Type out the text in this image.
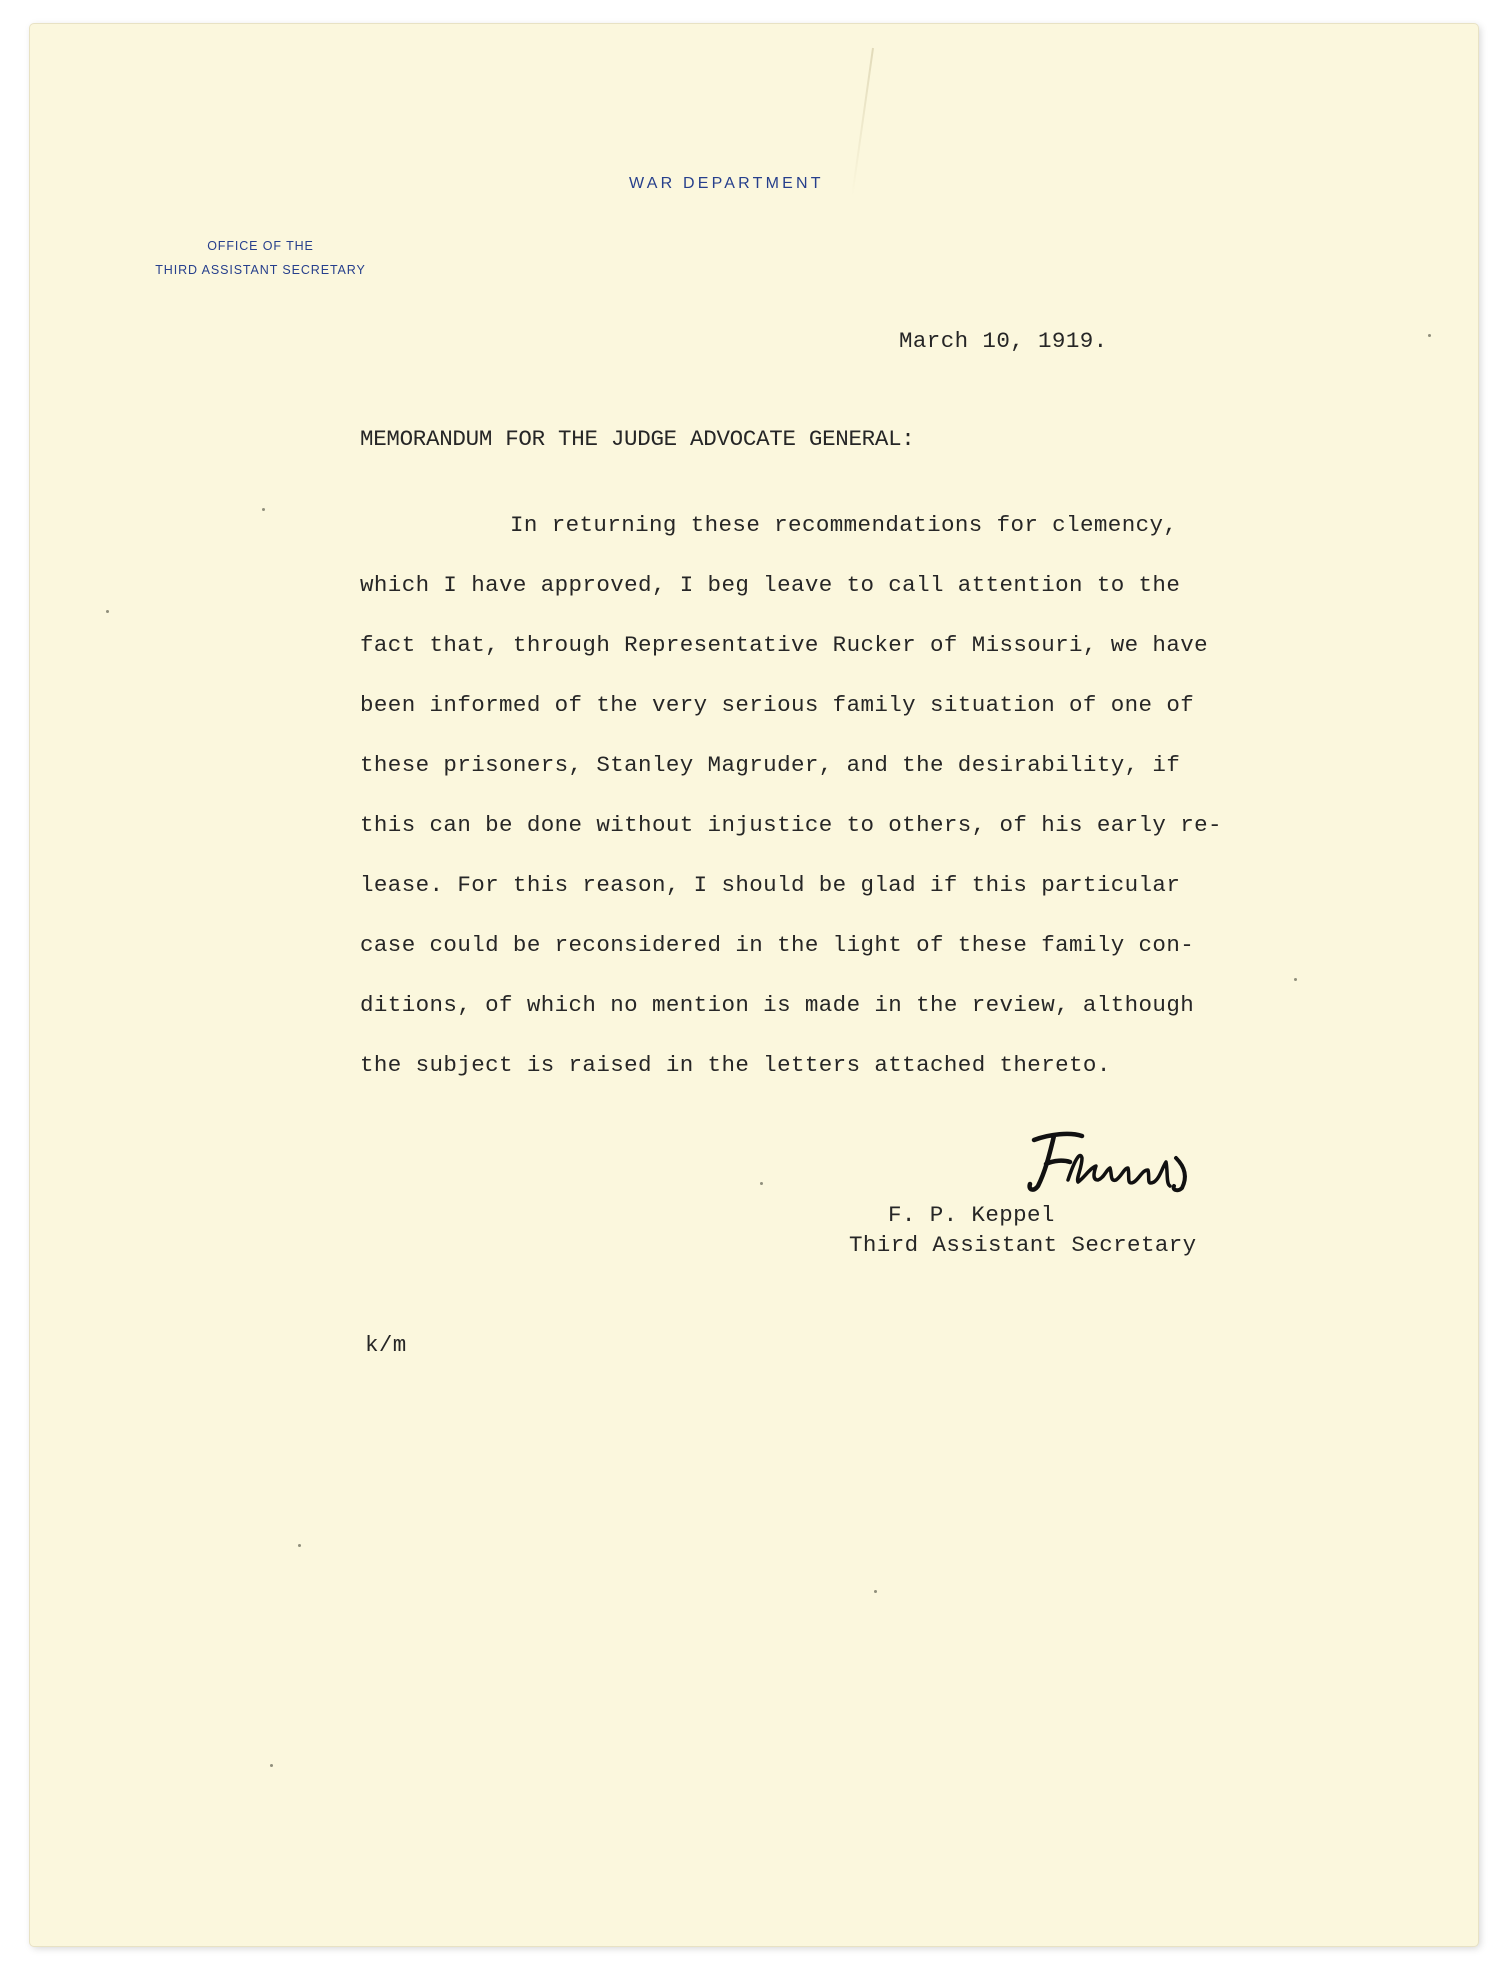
WAR DEPARTMENT
OFFICE OF THE
THIRD ASSISTANT SECRETARY
March 10, 1919.
MEMORANDUM FOR THE JUDGE ADVOCATE GENERAL:
In returning these recommendations for clemency,
which I have approved, I beg leave to call attention to the
fact that, through Representative Rucker of Missouri, we have
been informed of the very serious family situation of one of
these prisoners, Stanley Magruder, and the desirability, if
this can be done without injustice to others, of his early re-
lease. For this reason, I should be glad if this particular
case could be reconsidered in the light of these family con-
ditions, of which no mention is made in the review, although
the subject is raised in the letters attached thereto.
F. P. Keppel
Third Assistant Secretary
k/m
